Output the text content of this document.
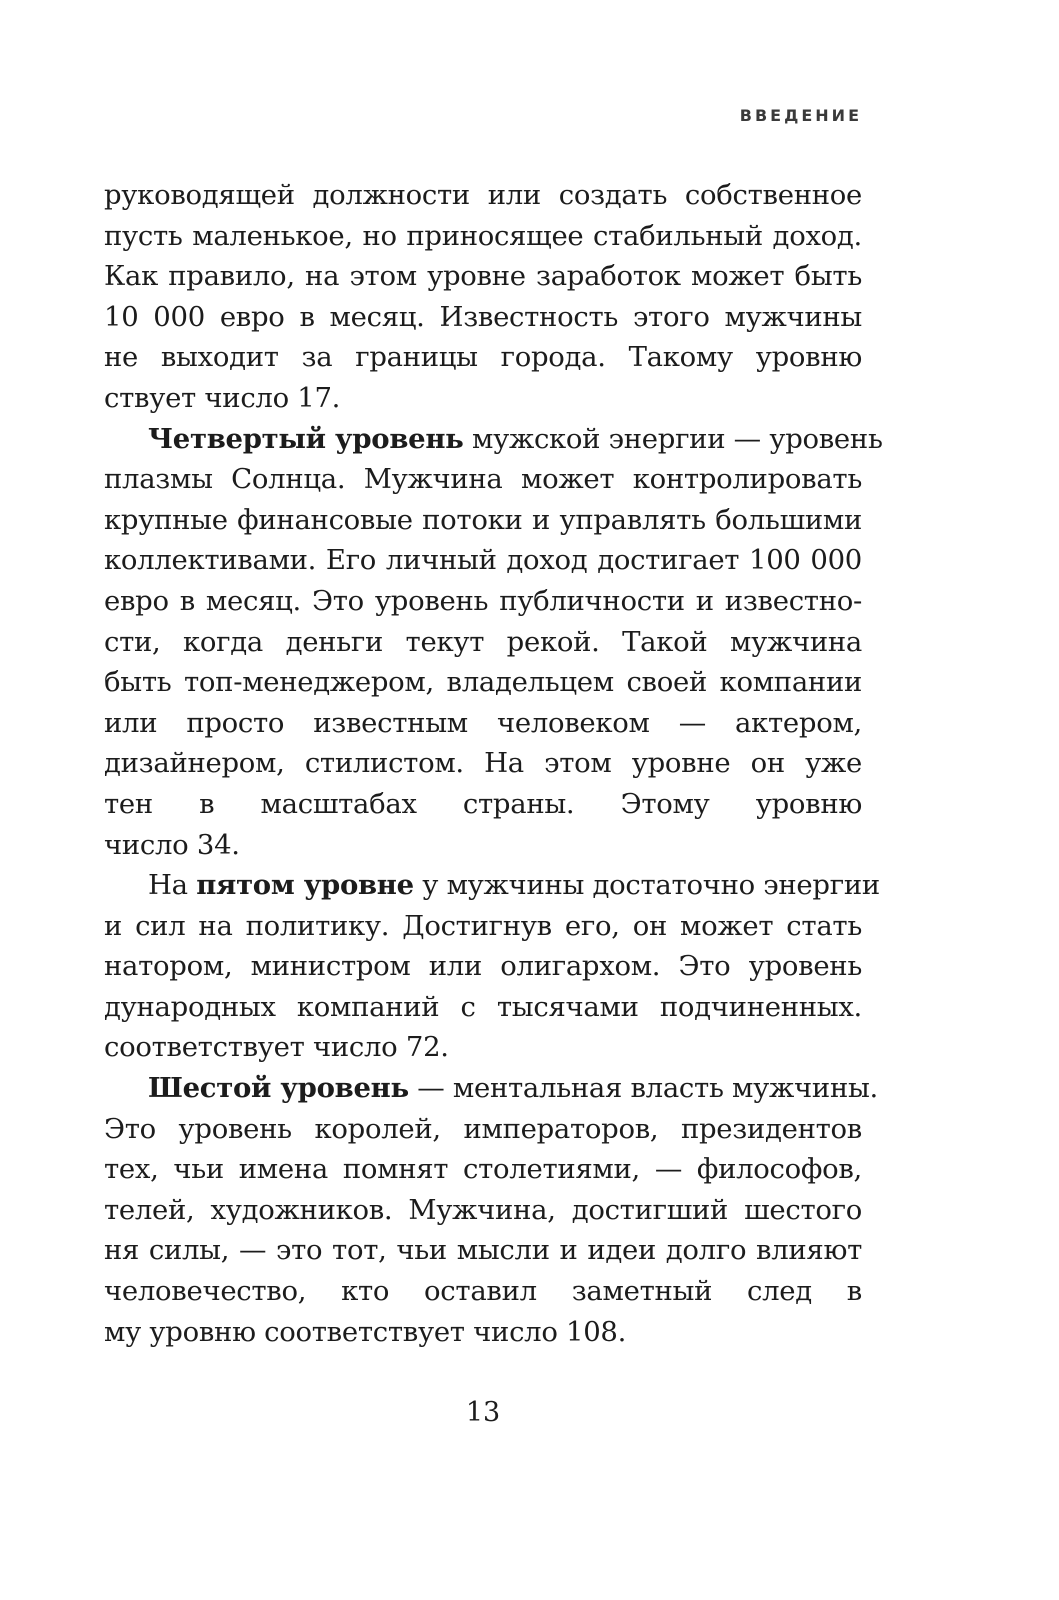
ВВЕДЕНИЕ
руководящей должности или создать собственное
пусть маленькое, но приносящее стабильный доход.
Как правило, на этом уровне заработок может быть
10 000 евро в месяц. Известность этого мужчины
не выходит за границы города. Такому уровню
ствует число 17.
Четвертый уровень мужской энергии — уровень
плазмы Солнца. Мужчина может контролировать
крупные финансовые потоки и управлять большими
коллективами. Его личный доход достигает 100 000
евро в месяц. Это уровень публичности и известно-
сти, когда деньги текут рекой. Такой мужчина
быть топ-менеджером, владельцем своей компании
или просто известным человеком — актером,
дизайнером, стилистом. На этом уровне он уже
тен в масштабах страны. Этому уровню
число 34.
На пятом уровне у мужчины достаточно энергии
и сил на политику. Достигнув его, он может стать
натором, министром или олигархом. Это уровень
дународных компаний с тысячами подчиненных.
соответствует число 72.
Шестой уровень — ментальная власть мужчины.
Это уровень королей, императоров, президентов
тех, чьи имена помнят столетиями, — философов,
телей, художников. Мужчина, достигший шестого
ня силы, — это тот, чьи мысли и идеи долго влияют
человечество, кто оставил заметный след в
му уровню соответствует число 108.
13
